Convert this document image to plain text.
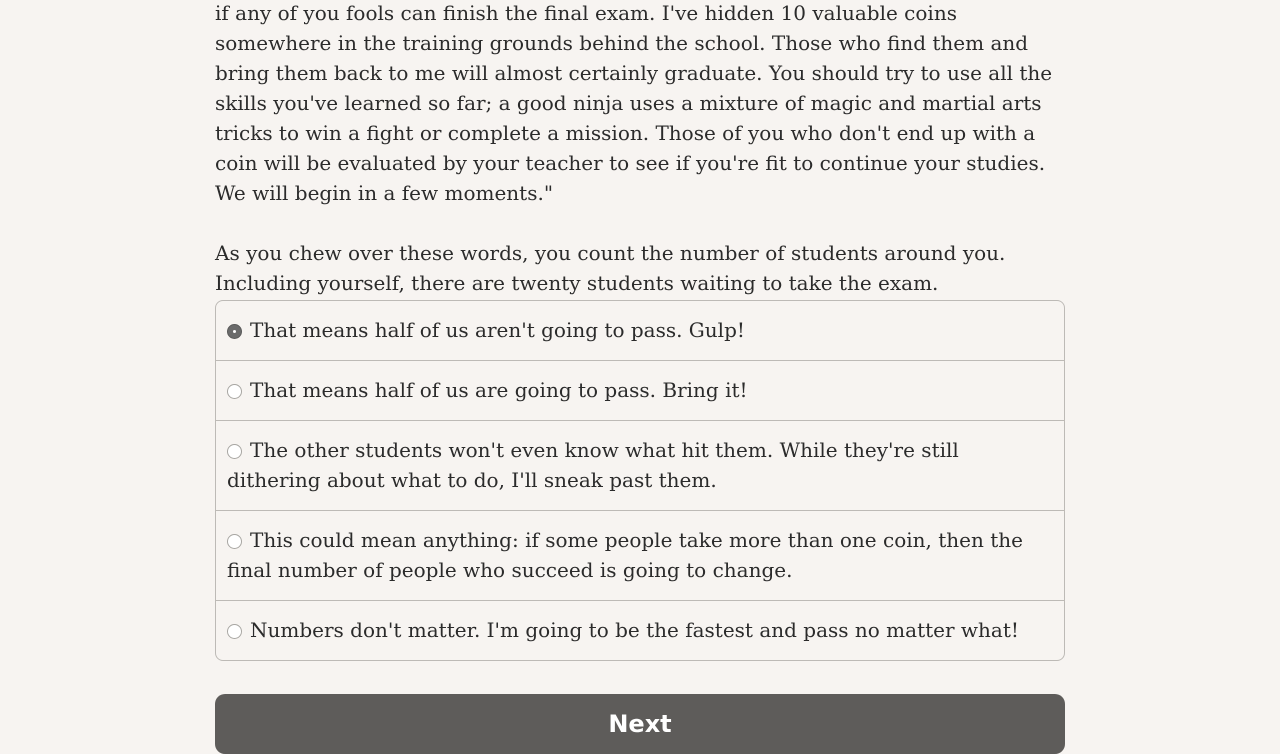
if any of you fools can finish the final exam. I've hidden 10 valuable coins somewhere in the training grounds behind the school. Those who find them and bring them back to me will almost certainly graduate. You should try to use all the skills you've learned so far; a good ninja uses a mixture of magic and martial arts tricks to win a fight or complete a mission. Those of you who don't end up with a coin will be evaluated by your teacher to see if you're fit to continue your studies. We will begin in a few moments."

As you chew over these words, you count the number of students around you. Including yourself, there are twenty students waiting to take the exam.

That means half of us aren't going to pass. Gulp!
That means half of us are going to pass. Bring it!
The other students won't even know what hit them. While they're still dithering about what to do, I'll sneak past them.
This could mean anything: if some people take more than one coin, then the final number of people who succeed is going to change.
Numbers don't matter. I'm going to be the fastest and pass no matter what!
Next
